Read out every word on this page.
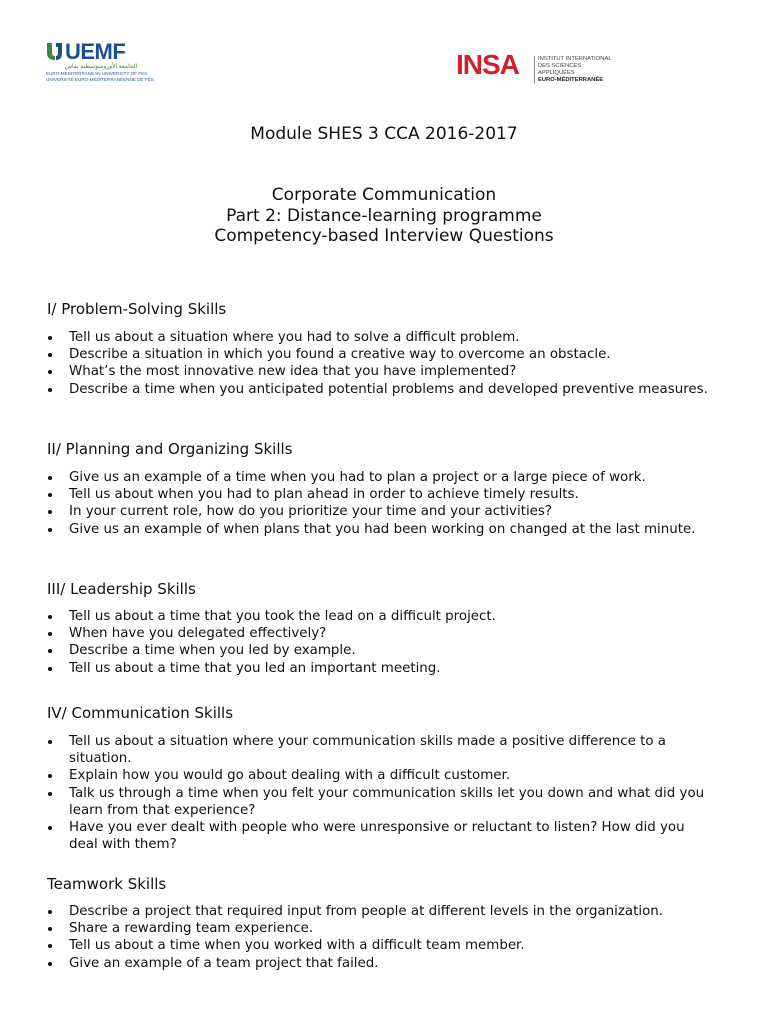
UEMF
الجامعة الأورومتوسطية بفاس
EURO-MEDITERRANEAN UNIVERSITY OF FES
UNIVERSITÉ EURO-MÉDITERRANÉENNE DE FÈS	INSA	INSTITUT INTERNATIONAL
DES SCIENCES
APPLIQUÉES
EURO-MÉDITERRANÉE
Module SHES 3 CCA 2016-2017
Corporate Communication
Part 2: Distance-learning programme
Competency-based Interview Questions
I/ Problem-Solving Skills
Tell us about a situation where you had to solve a difficult problem.
Describe a situation in which you found a creative way to overcome an obstacle.
What’s the most innovative new idea that you have implemented?
Describe a time when you anticipated potential problems and developed preventive measures.
II/ Planning and Organizing Skills
Give us an example of a time when you had to plan a project or a large piece of work.
Tell us about when you had to plan ahead in order to achieve timely results.
In your current role, how do you prioritize your time and your activities?
Give us an example of when plans that you had been working on changed at the last minute.
III/ Leadership Skills
Tell us about a time that you took the lead on a difficult project.
When have you delegated effectively?
Describe a time when you led by example.
Tell us about a time that you led an important meeting.
IV/ Communication Skills
Tell us about a situation where your communication skills made a positive difference to a situation.
Explain how you would go about dealing with a difficult customer.
Talk us through a time when you felt your communication skills let you down and what did you learn from that experience?
Have you ever dealt with people who were unresponsive or reluctant to listen? How did you deal with them?
Teamwork Skills
Describe a project that required input from people at different levels in the organization.
Share a rewarding team experience.
Tell us about a time when you worked with a difficult team member.
Give an example of a team project that failed.
